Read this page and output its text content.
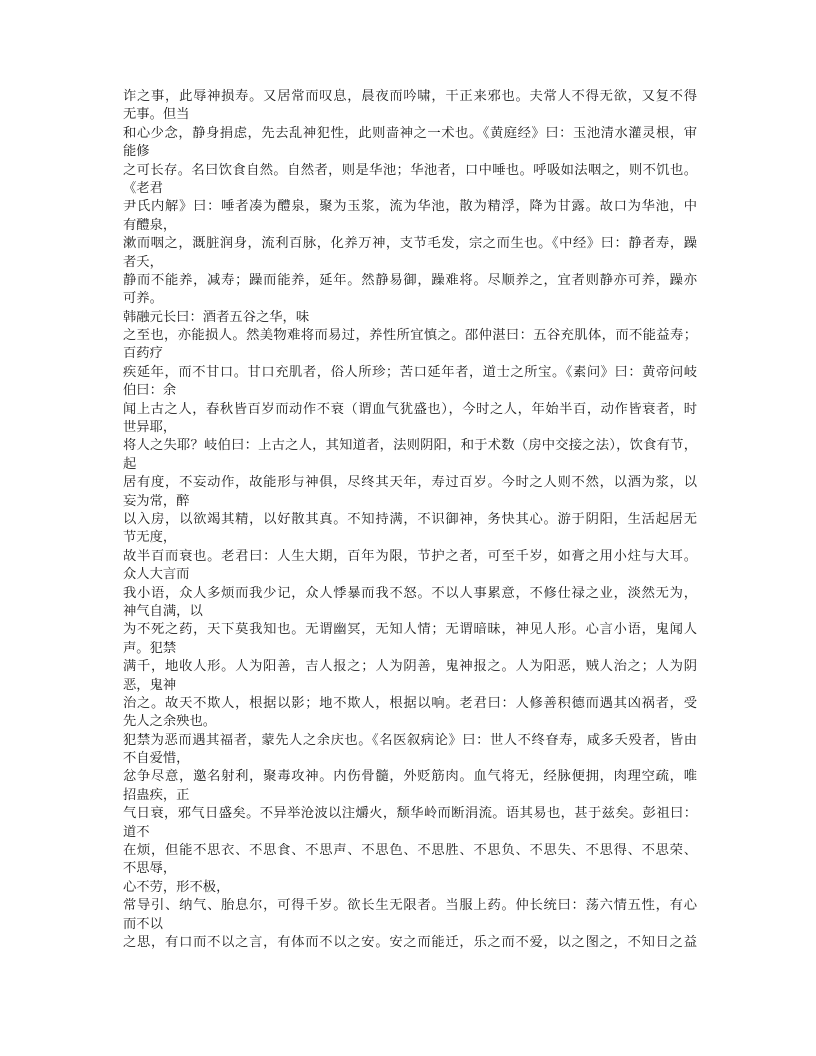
诈之事，此辱神损寿。又居常而叹息，晨夜而吟啸，干正来邪也。夫常人不得无欲，又复不得
无事。但当
和心少念，静身捐虑，先去乱神犯性，此则啬神之一术也。《黄庭经》曰：玉池清水灌灵根，审
能修
之可长存。名曰饮食自然。自然者，则是华池；华池者，口中唾也。呼吸如法咽之，则不饥也。
《老君
尹氏内解》曰：唾者凑为醴泉，聚为玉浆，流为华池，散为精浮，降为甘露。故口为华池，中
有醴泉，
漱而咽之，溉脏润身，流利百脉，化养万神，支节毛发，宗之而生也。《中经》曰：静者寿，躁
者夭，
静而不能养，减寿；躁而能养，延年。然静易御，躁难将。尽顺养之，宜者则静亦可养，躁亦
可养。
韩融元长曰：酒者五谷之华，味
之至也，亦能损人。然美物难将而易过，养性所宜慎之。邵仲湛曰：五谷充肌体，而不能益寿；
百药疗
疾延年，而不甘口。甘口充肌者，俗人所珍；苦口延年者，道士之所宝。《素问》曰：黄帝问岐
伯曰：余
闻上古之人，春秋皆百岁而动作不衰（谓血气犹盛也），今时之人，年始半百，动作皆衰者，时
世异耶，
将人之失耶？岐伯曰：上古之人，其知道者，法则阴阳，和于术数（房中交接之法），饮食有节，
起
居有度，不妄动作，故能形与神俱，尽终其天年，寿过百岁。今时之人则不然，以酒为浆，以
妄为常，醉
以入房，以欲竭其精，以好散其真。不知持满，不识御神，务快其心。游于阴阳，生活起居无
节无度，
故半百而衰也。老君曰：人生大期，百年为限，节护之者，可至千岁，如膏之用小炷与大耳。
众人大言而
我小语，众人多烦而我少记，众人悸暴而我不怒。不以人事累意，不修仕禄之业，淡然无为，
神气自满，以
为不死之药，天下莫我知也。无谓幽冥，无知人情；无谓暗昧，神见人形。心言小语，鬼闻人
声。犯禁
满千，地收人形。人为阳善，吉人报之；人为阴善，鬼神报之。人为阳恶，贼人治之；人为阴
恶，鬼神
治之。故天不欺人，根据以影；地不欺人，根据以响。老君曰：人修善积德而遇其凶祸者，受
先人之余殃也。
犯禁为恶而遇其福者，蒙先人之余庆也。《名医叙病论》曰：世人不终眘寿，咸多夭殁者，皆由
不自爱惜，
忿争尽意，邀名射利，聚毒攻神。内伤骨髓，外贬筋肉。血气将无，经脉便拥，肉理空疏，唯
招蛊疾，正
气日衰，邪气日盛矣。不异举沧波以注爝火，颓华岭而断涓流。语其易也，甚于兹矣。彭祖曰：
道不
在烦，但能不思衣、不思食、不思声、不思色、不思胜、不思负、不思失、不思得、不思荣、
不思辱，
心不劳，形不极，
常导引、纳气、胎息尔，可得千岁。欲长生无限者。当服上药。仲长统曰：荡六情五性，有心
而不以
之思，有口而不以之言，有体而不以之安。安之而能迁，乐之而不爱，以之图之，不知日之益
